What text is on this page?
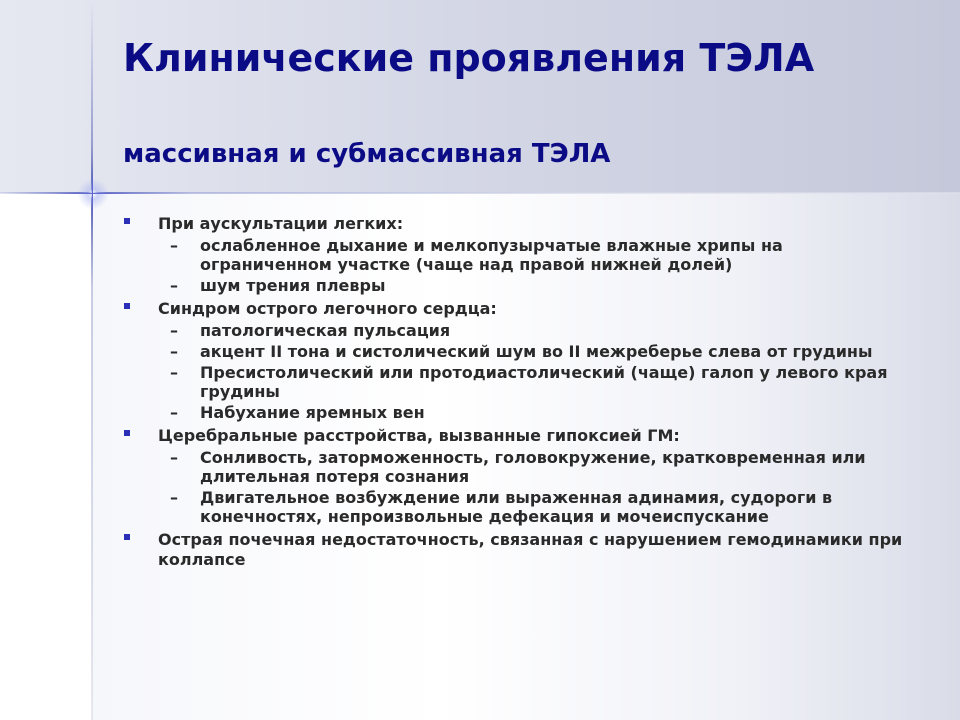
Клинические проявления ТЭЛА
массивная и субмассивная ТЭЛА
При аускультации легких:
– ослабленное дыхание и мелкопузырчатые влажные хрипы на ограниченном участке (чаще над правой нижней долей)
– шум трения плевры
Синдром острого легочного сердца:
– патологическая пульсация
– акцент II тона и систолический шум во II межреберье слева от грудины
– Пресистолический или протодиастолический (чаще) галоп у левого края грудины
– Набухание яремных вен
Церебральные расстройства, вызванные гипоксией ГМ:
– Сонливость, заторможенность, головокружение, кратковременная или длительная потеря сознания
– Двигательное возбуждение или выраженная адинамия, судороги в конечностях, непроизвольные дефекация и мочеиспускание
Острая почечная недостаточность, связанная с нарушением гемодинамики при коллапсе
